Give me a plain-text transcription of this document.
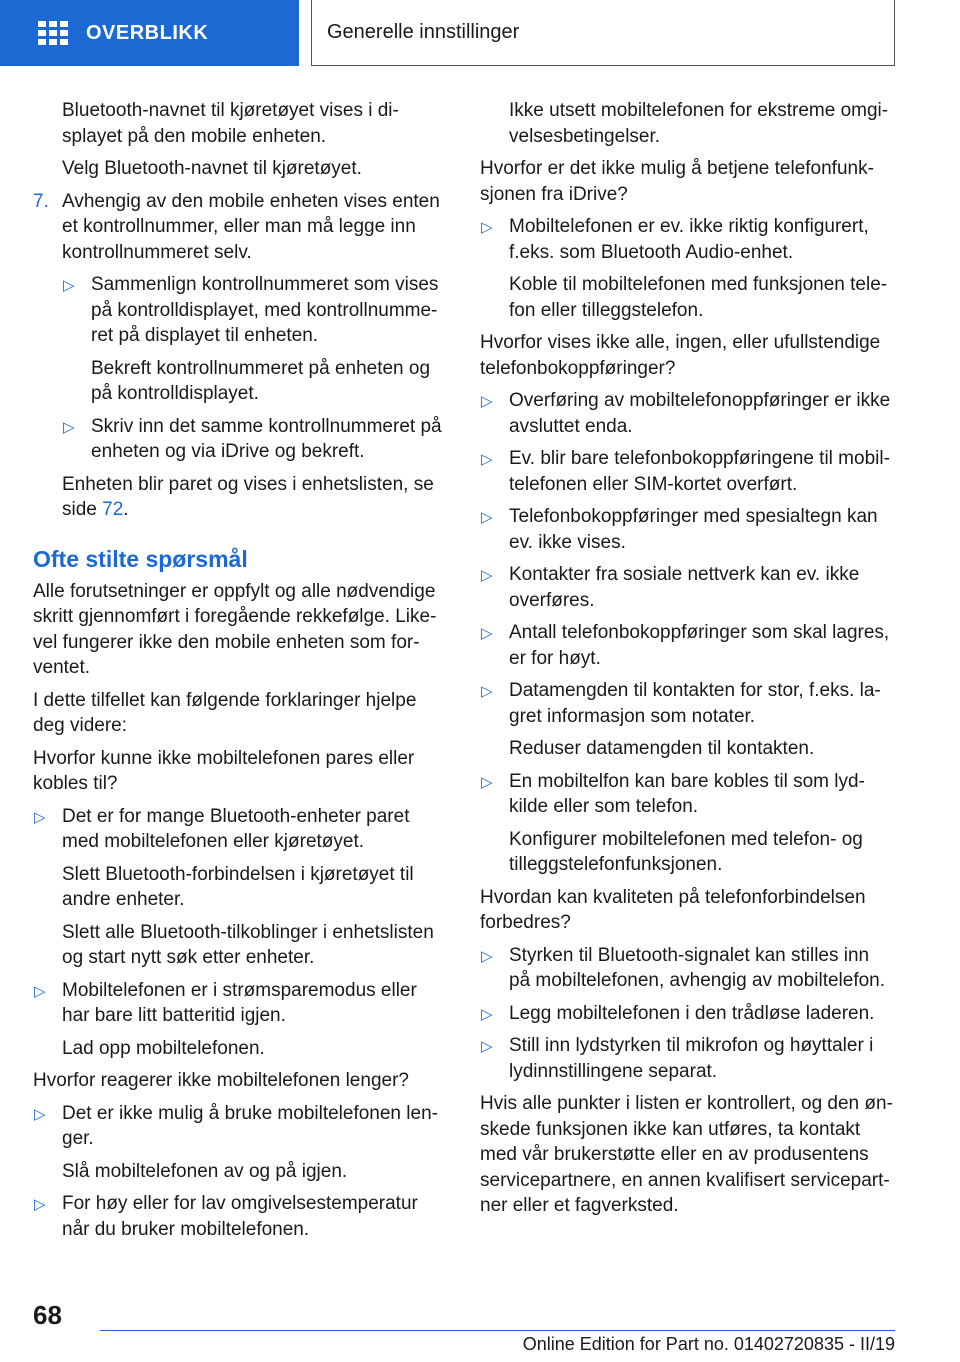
OVERBLIKK	Generelle innstillinger
Bluetooth-navnet til kjøretøyet vises i di-splayet på den mobile enheten.
Velg Bluetooth-navnet til kjøretøyet.
7. Avhengig av den mobile enheten vises enten et kontrollnummer, eller man må legge inn kontrollnummeret selv.
▷ Sammenlign kontrollnummeret som vises på kontrolldisplayet, med kontrollnumme-ret på displayet til enheten.
Bekreft kontrollnummeret på enheten og på kontrolldisplayet.
▷ Skriv inn det samme kontrollnummeret på enheten og via iDrive og bekreft.
Enheten blir paret og vises i enhetslisten, se side 72.
Ofte stilte spørsmål
Alle forutsetninger er oppfylt og alle nødvendige skritt gjennomført i foregående rekkefølge. Like-vel fungerer ikke den mobile enheten som for-ventet.
I dette tilfellet kan følgende forklaringer hjelpe deg videre:
Hvorfor kunne ikke mobiltelefonen pares eller kobles til?
▷ Det er for mange Bluetooth-enheter paret med mobiltelefonen eller kjøretøyet.
Slett Bluetooth-forbindelsen i kjøretøyet til andre enheter.
Slett alle Bluetooth-tilkoblinger i enhetslisten og start nytt søk etter enheter.
▷ Mobiltelefonen er i strømsparemodus eller har bare litt batteritid igjen.
Lad opp mobiltelefonen.
Hvorfor reagerer ikke mobiltelefonen lenger?
▷ Det er ikke mulig å bruke mobiltelefonen len-ger.
Slå mobiltelefonen av og på igjen.
▷ For høy eller for lav omgivelsestemperatur når du bruker mobiltelefonen.
Ikke utsett mobiltelefonen for ekstreme omgi-velsesbetingelser.
Hvorfor er det ikke mulig å betjene telefonfunk-sjonen fra iDrive?
▷ Mobiltelefonen er ev. ikke riktig konfigurert, f.eks. som Bluetooth Audio-enhet.
Koble til mobiltelefonen med funksjonen tele-fon eller tilleggstelefon.
Hvorfor vises ikke alle, ingen, eller ufullstendige telefonbokoppføringer?
▷ Overføring av mobiltelefonoppføringer er ikke avsluttet enda.
▷ Ev. blir bare telefonbokoppføringene til mobil-telefonen eller SIM-kortet overført.
▷ Telefonbokoppføringer med spesialtegn kan ev. ikke vises.
▷ Kontakter fra sosiale nettverk kan ev. ikke overføres.
▷ Antall telefonbokoppføringer som skal lagres, er for høyt.
▷ Datamengden til kontakten for stor, f.eks. la-gret informasjon som notater.
Reduser datamengden til kontakten.
▷ En mobiltelfon kan bare kobles til som lyd-kilde eller som telefon.
Konfigurer mobiltelefonen med telefon- og tilleggstelefonfunksjonen.
Hvordan kan kvaliteten på telefonforbindelsen forbedres?
▷ Styrken til Bluetooth-signalet kan stilles inn på mobiltelefonen, avhengig av mobiltelefon.
▷ Legg mobiltelefonen i den trådløse laderen.
▷ Still inn lydstyrken til mikrofon og høyttaler i lydinnstillingene separat.
Hvis alle punkter i listen er kontrollert, og den øn-skede funksjonen ikke kan utføres, ta kontakt med vår brukerstøtte eller en av produsentens servicepartnere, en annen kvalifisert servicepart-ner eller et fagverksted.
68
Online Edition for Part no. 01402720835 - II/19
